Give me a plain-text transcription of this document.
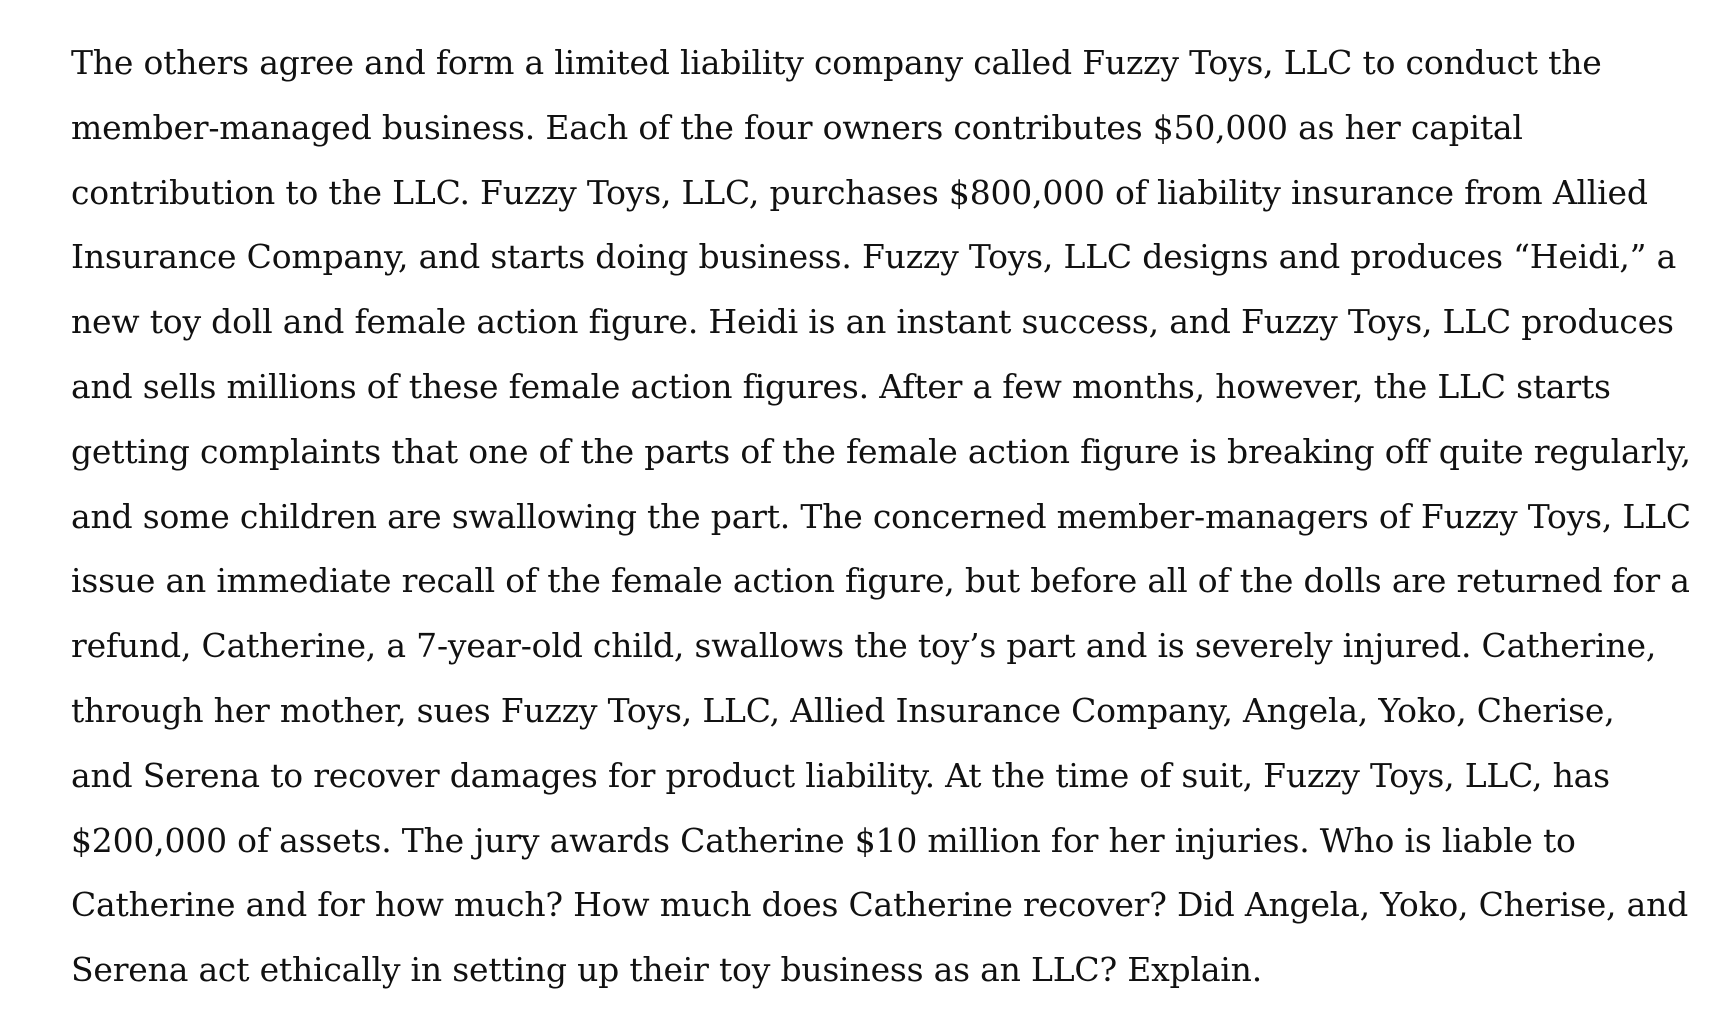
The others agree and form a limited liability company called Fuzzy Toys, LLC to conduct the
member-managed business. Each of the four owners contributes $50,000 as her capital
contribution to the LLC. Fuzzy Toys, LLC, purchases $800,000 of liability insurance from Allied
Insurance Company, and starts doing business. Fuzzy Toys, LLC designs and produces “Heidi,” a
new toy doll and female action figure. Heidi is an instant success, and Fuzzy Toys, LLC produces
and sells millions of these female action figures. After a few months, however, the LLC starts
getting complaints that one of the parts of the female action figure is breaking off quite regularly,
and some children are swallowing the part. The concerned member-managers of Fuzzy Toys, LLC
issue an immediate recall of the female action figure, but before all of the dolls are returned for a
refund, Catherine, a 7-year-old child, swallows the toy’s part and is severely injured. Catherine,
through her mother, sues Fuzzy Toys, LLC, Allied Insurance Company, Angela, Yoko, Cherise,
and Serena to recover damages for product liability. At the time of suit, Fuzzy Toys, LLC, has
$200,000 of assets. The jury awards Catherine $10 million for her injuries. Who is liable to
Catherine and for how much? How much does Catherine recover? Did Angela, Yoko, Cherise, and
Serena act ethically in setting up their toy business as an LLC? Explain.
